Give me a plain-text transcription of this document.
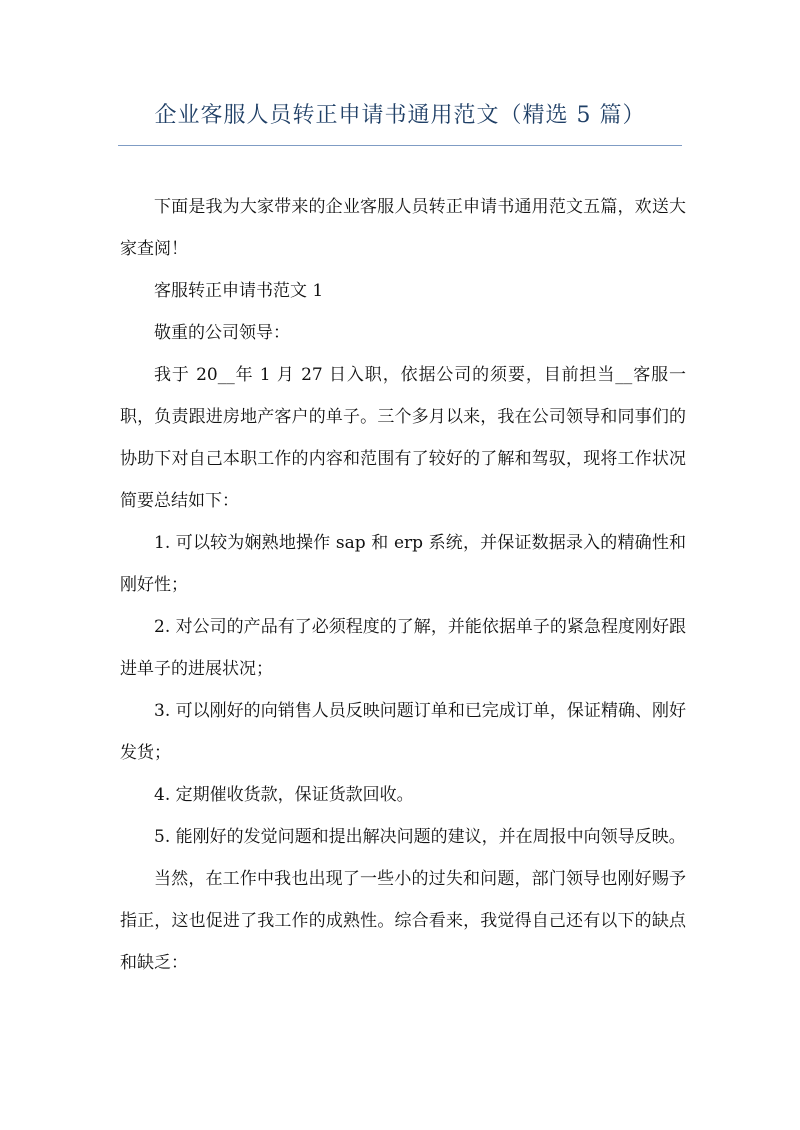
企业客服人员转正申请书通用范文（精选 5 篇）

下面是我为大家带来的企业客服人员转正申请书通用范文五篇，欢送大家查阅！

客服转正申请书范文 1

敬重的公司领导：

我于 20__年 1 月 27 日入职，依据公司的须要，目前担当__客服一职，负责跟进房地产客户的单子。三个多月以来，我在公司领导和同事们的协助下对自己本职工作的内容和范围有了较好的了解和驾驭，现将工作状况简要总结如下：

1. 可以较为娴熟地操作 sap 和 erp 系统，并保证数据录入的精确性和刚好性；

2. 对公司的产品有了必须程度的了解，并能依据单子的紧急程度刚好跟进单子的进展状况；

3. 可以刚好的向销售人员反映问题订单和已完成订单，保证精确、刚好发货；

4. 定期催收货款，保证货款回收。

5. 能刚好的发觉问题和提出解决问题的建议，并在周报中向领导反映。

当然，在工作中我也出现了一些小的过失和问题，部门领导也刚好赐予指正，这也促进了我工作的成熟性。综合看来，我觉得自己还有以下的缺点和缺乏：
